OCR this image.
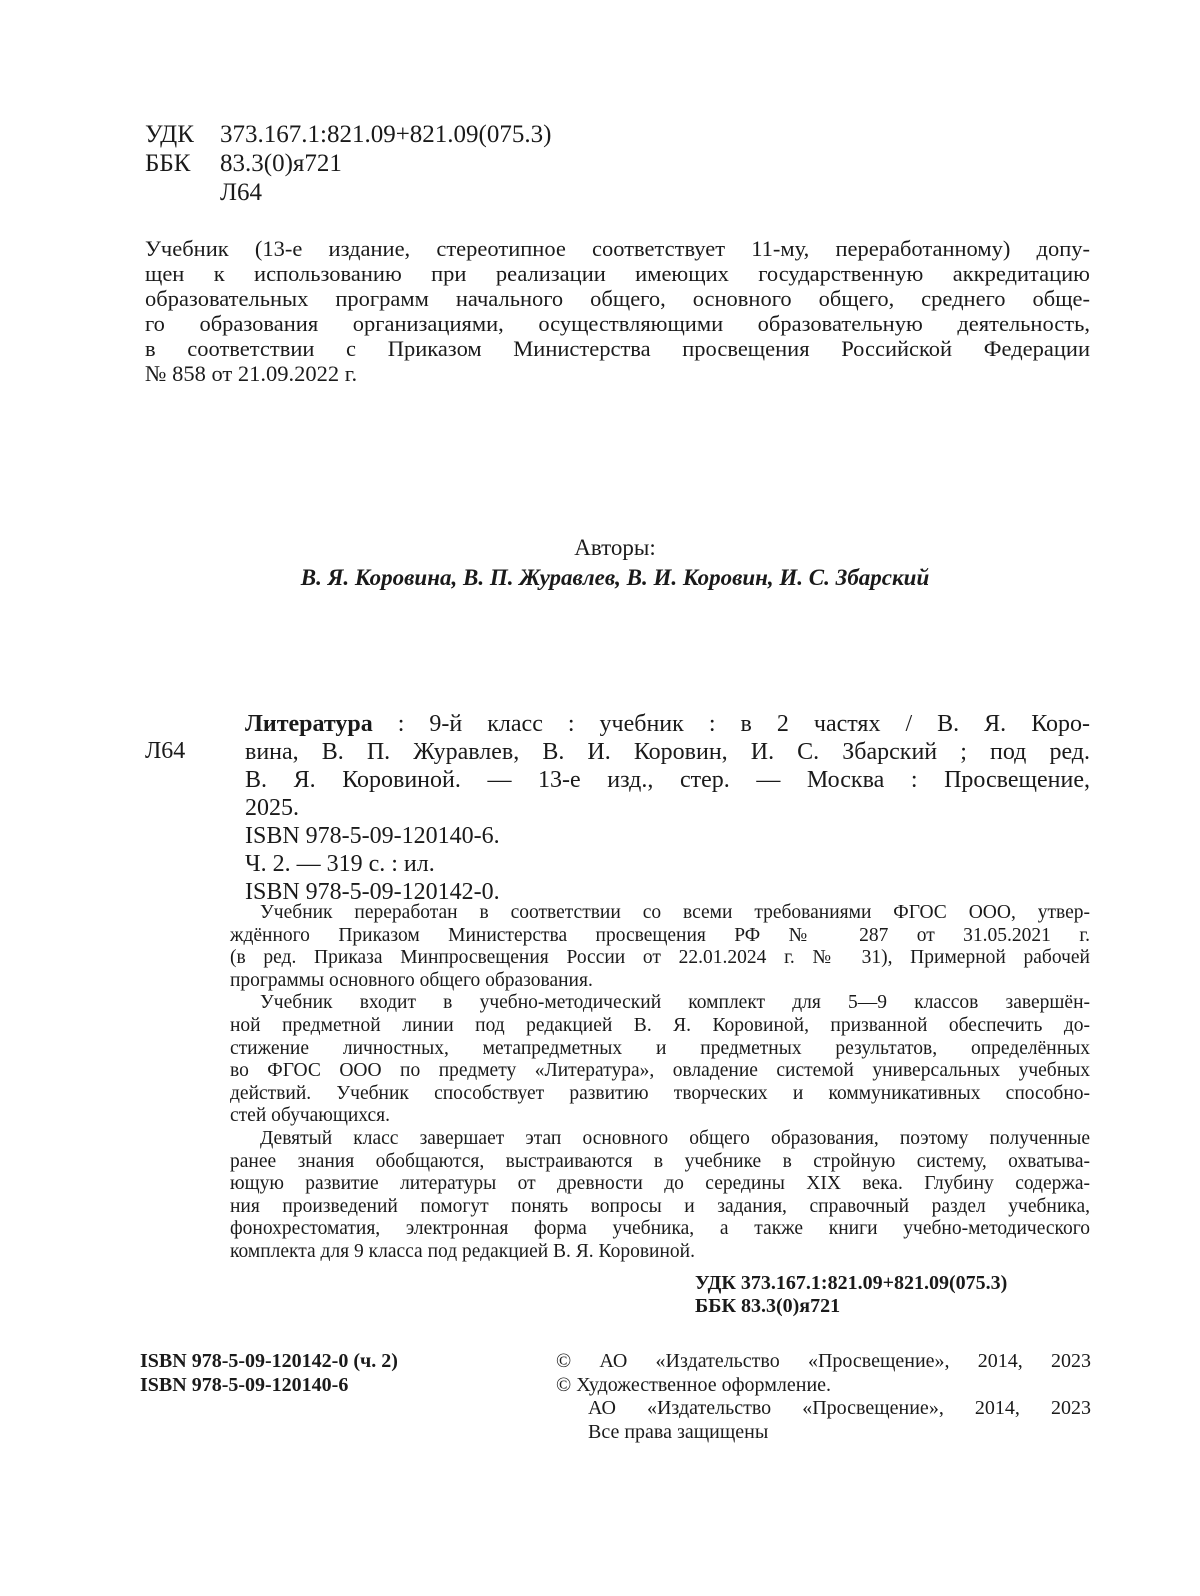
УДК 373.167.1:821.09+821.09(075.3)
ББК 83.3(0)я721
Л64
Учебник (13-е издание, стереотипное соответствует 11-му, переработанному) допу-
щен к использованию при реализации имеющих государственную аккредитацию
образовательных программ начального общего, основного общего, среднего обще-
го образования организациями, осуществляющими образовательную деятельность,
в соответствии с Приказом Министерства просвещения Российской Федерации
№ 858 от 21.09.2022 г.
Авторы:
В. Я. Коровина, В. П. Журавлев, В. И. Коровин, И. С. Збарский
Л64
Литература : 9-й класс : учебник : в 2 частях / В. Я. Коро-
вина, В. П. Журавлев, В. И. Коровин, И. С. Збарский ; под ред.
В. Я. Коровиной. — 13-е изд., стер. — Москва : Просвещение,
2025.
ISBN 978-5-09-120140-6.
Ч. 2. — 319 с. : ил.
ISBN 978-5-09-120142-0.
Учебник переработан в соответствии со всеми требованиями ФГОС ООО, утвер-
ждённого Приказом Министерства просвещения РФ № 287 от 31.05.2021 г.
(в ред. Приказа Минпросвещения России от 22.01.2024 г. № 31), Примерной рабочей
программы основного общего образования.
Учебник входит в учебно-методический комплект для 5—9 классов завершён-
ной предметной линии под редакцией В. Я. Коровиной, призванной обеспечить до-
стижение личностных, метапредметных и предметных результатов, определённых
во ФГОС ООО по предмету «Литература», овладение системой универсальных учебных
действий. Учебник способствует развитию творческих и коммуникативных способно-
стей обучающихся.
Девятый класс завершает этап основного общего образования, поэтому полученные
ранее знания обобщаются, выстраиваются в учебнике в стройную систему, охватыва-
ющую развитие литературы от древности до середины XIX века. Глубину содержа-
ния произведений помогут понять вопросы и задания, справочный раздел учебника,
фонохрестоматия, электронная форма учебника, а также книги учебно-методического
комплекта для 9 класса под редакцией В. Я. Коровиной.
УДК 373.167.1:821.09+821.09(075.3)
ББК 83.3(0)я721
ISBN 978-5-09-120142-0 (ч. 2)
ISBN 978-5-09-120140-6
© АО «Издательство «Просвещение», 2014, 2023
© Художественное оформление.
АО «Издательство «Просвещение», 2014, 2023
Все права защищены
